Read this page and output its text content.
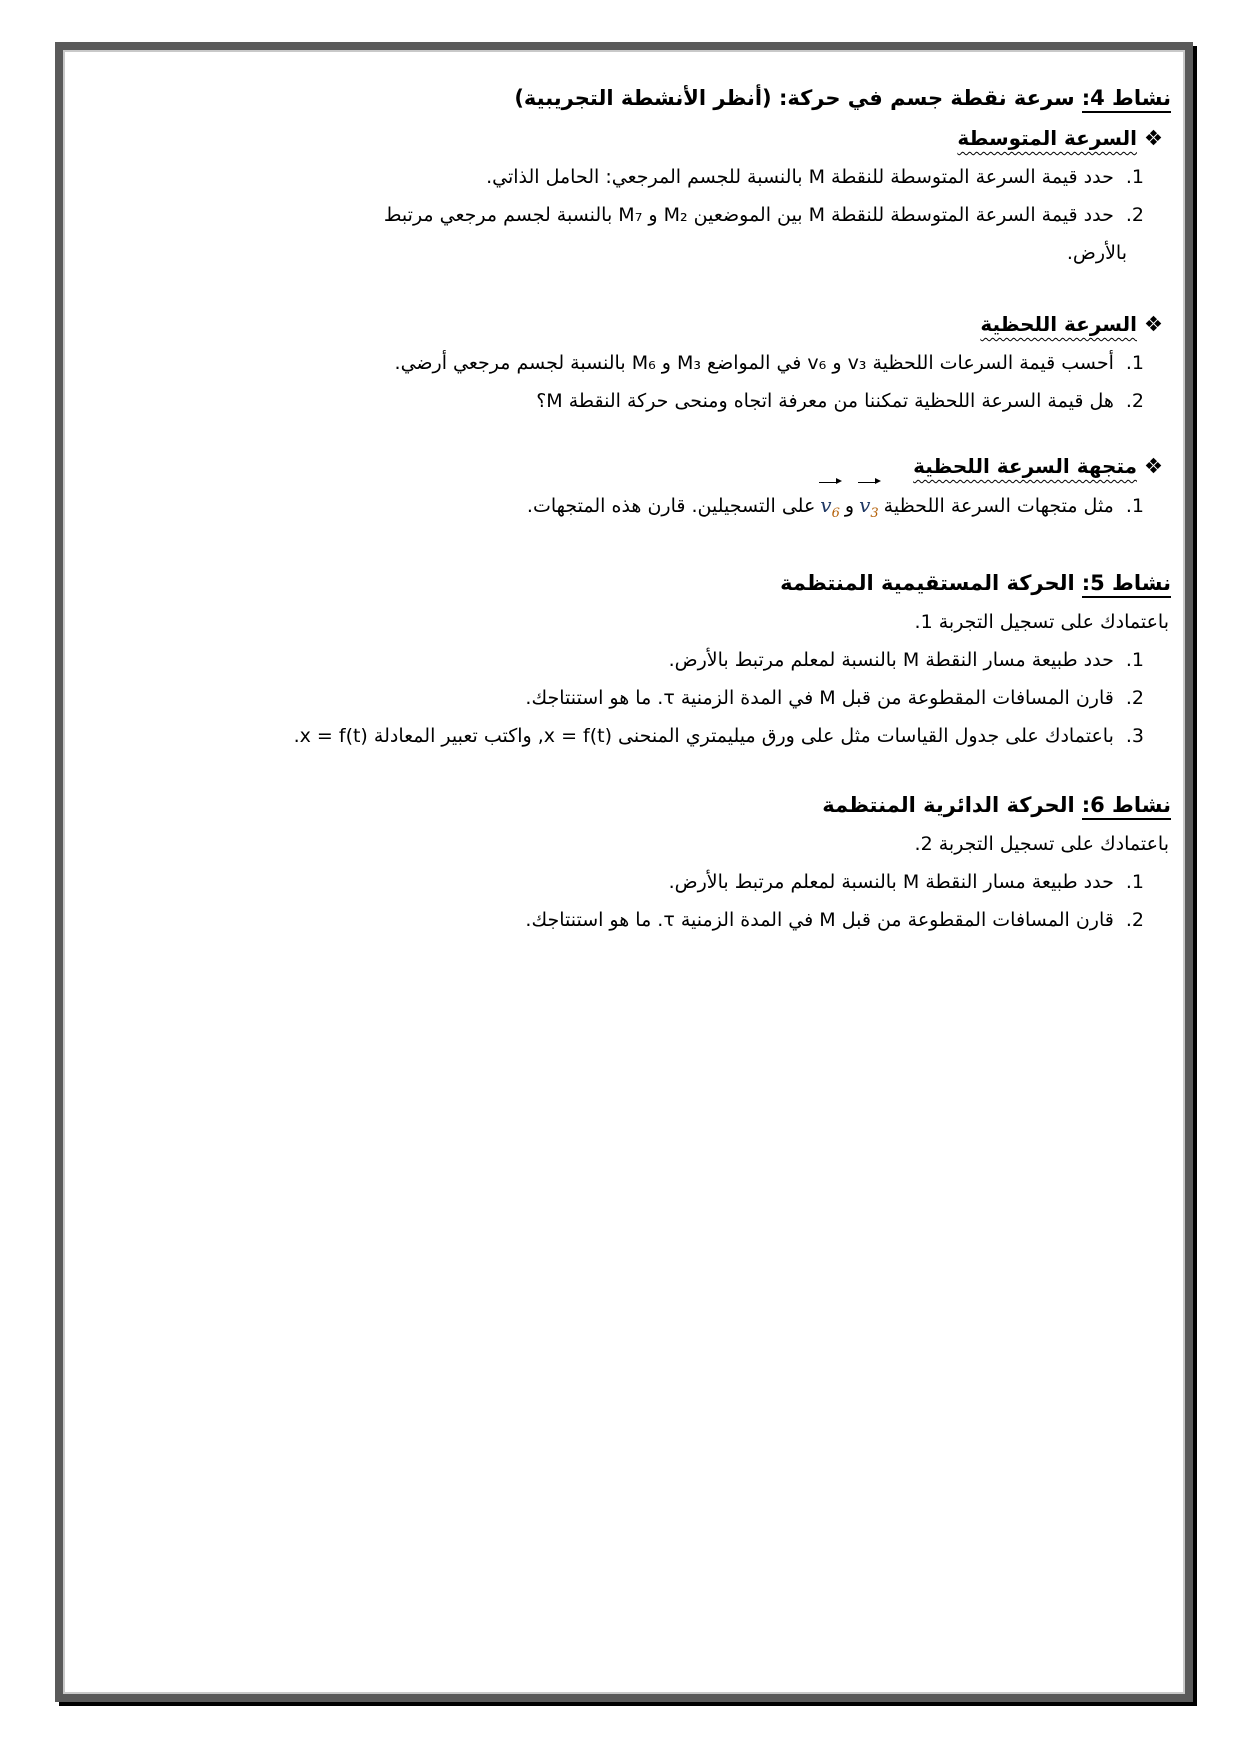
نشاط 4:سرعة نقطة جسم في حركة: (أنظر الأنشطة التجريبية)

السرعة المتوسطة

1.حدد قيمة السرعة المتوسطة للنقطة M بالنسبة للجسم المرجعي: الحامل الذاتي.
2.حدد قيمة السرعة المتوسطة للنقطة M بين الموضعين M₂ و M₇ بالنسبة لجسم مرجعي مرتبط
بالأرض.

السرعة اللحظية

1.أحسب قيمة السرعات اللحظية v₃ و v₆ في المواضع M₃ و M₆ بالنسبة لجسم مرجعي أرضي.
2.هل قيمة السرعة اللحظية تمكننا من معرفة اتجاه ومنحى حركة النقطة M؟

متجهة السرعة اللحظية

1.مثل متجهات السرعة اللحظيةv$_3$وv$_6$على التسجيلين. قارن هذه المتجهات.

نشاط 5:الحركة المستقيمية المنتظمة

باعتمادك على تسجيل التجربة 1.

1.حدد طبيعة مسار النقطة M بالنسبة لمعلم مرتبط بالأرض.
2.قارن المسافات المقطوعة من قبل M في المدة الزمنية τ. ما هو استنتاجك.
3.باعتمادك على جدول القياسات مثل على ورق ميليمتري المنحنى x = f(t), واكتب تعبير المعادلة x = f(t).

نشاط 6:الحركة الدائرية المنتظمة

باعتمادك على تسجيل التجربة 2.

1.حدد طبيعة مسار النقطة M بالنسبة لمعلم مرتبط بالأرض.
2.قارن المسافات المقطوعة من قبل M في المدة الزمنية τ. ما هو استنتاجك.
